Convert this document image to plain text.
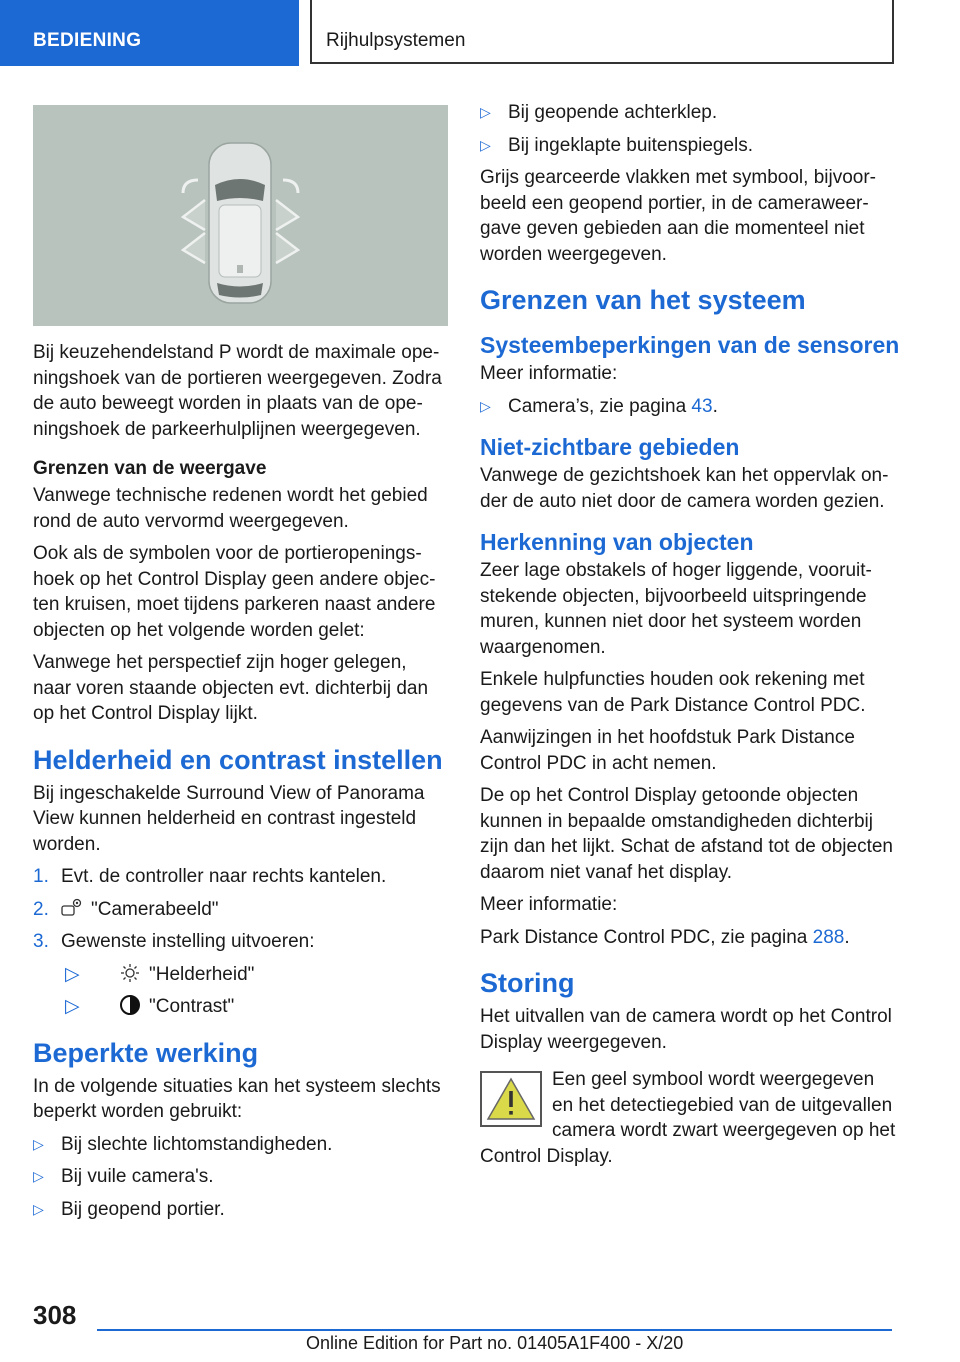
BEDIENING	Rijhulpsystemen

Bij keuzehendelstand P wordt de maximale ope-ningshoek van de portieren weergegeven. Zodra de auto beweegt worden in plaats van de ope-ningshoek de parkeerhulplijnen weergegeven.

Grenzen van de weergave

Vanwege technische redenen wordt het gebied rond de auto vervormd weergegeven.

Ook als de symbolen voor de portieropenings-hoek op het Control Display geen andere objec-ten kruisen, moet tijdens parkeren naast andere objecten op het volgende worden gelet:

Vanwege het perspectief zijn hoger gelegen, naar voren staande objecten evt. dichterbij dan op het Control Display lijkt.

Helderheid en contrast instellen

Bij ingeschakelde Surround View of Panorama View kunnen helderheid en contrast ingesteld worden.

1. Evt. de controller naar rechts kantelen.
2. "Camerabeeld"
3. Gewenste instelling uitvoeren:
▷	"Helderheid"
▷	"Contrast"
Beperkte werking

In de volgende situaties kan het systeem slechts beperkt worden gebruikt:

▷ Bij slechte lichtomstandigheden.
▷ Bij vuile camera's.
▷ Bij geopend portier.
▷ Bij geopende achterklep.
▷ Bij ingeklapte buitenspiegels.

Grijs gearceerde vlakken met symbool, bijvoor-beeld een geopend portier, in de cameraweer-gave geven gebieden aan die momenteel niet worden weergegeven.

Grenzen van het systeem
Systeembeperkingen van de sensoren

Meer informatie:

▷ Camera’s, zie pagina 43.
Niet-zichtbare gebieden

Vanwege de gezichtshoek kan het oppervlak on-der de auto niet door de camera worden gezien.

Herkenning van objecten

Zeer lage obstakels of hoger liggende, vooruit-stekende objecten, bijvoorbeeld uitspringende muren, kunnen niet door het systeem worden waargenomen.

Enkele hulpfuncties houden ook rekening met gegevens van de Park Distance Control PDC.

Aanwijzingen in het hoofdstuk Park Distance Control PDC in acht nemen.

De op het Control Display getoonde objecten kunnen in bepaalde omstandigheden dichterbij zijn dan het lijkt. Schat de afstand tot de objecten daarom niet vanaf het display.

Meer informatie:

Park Distance Control PDC, zie pagina 288.

Storing

Het uitvallen van de camera wordt op het Control Display weergegeven.

Een geel symbool wordt weergegeven en het detectiegebied van de uitgevallen camera wordt zwart weergegeven op het Control Display.

308
Online Edition for Part no. 01405A1F400 - X/20
